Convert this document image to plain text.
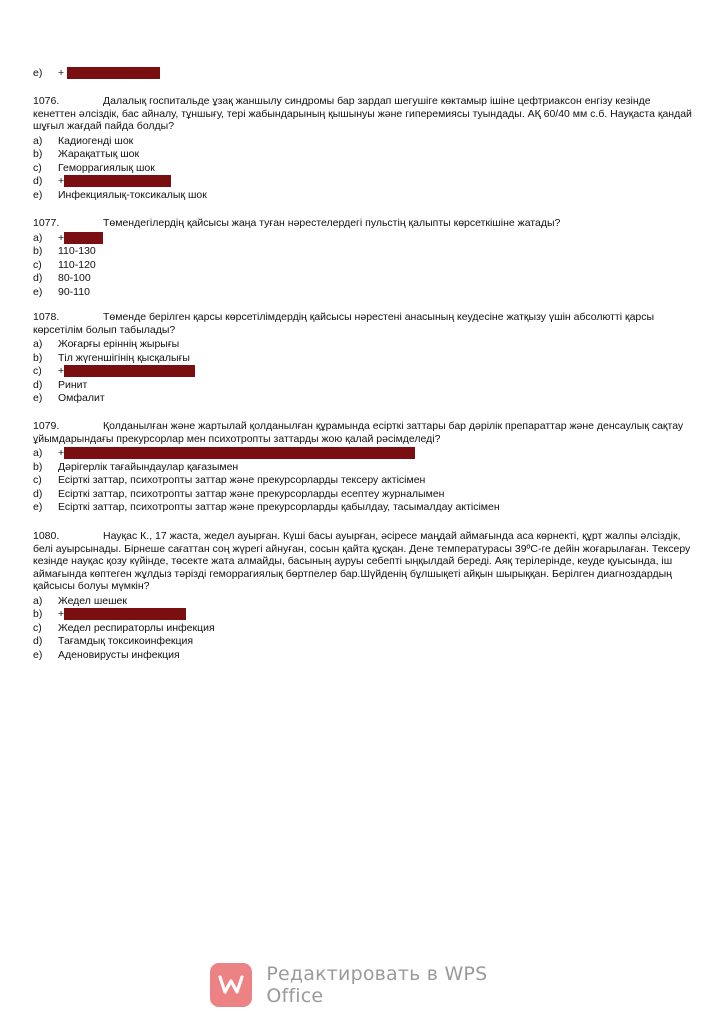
e)	+ Аспирациялық шок
1076.	Далалық госпитальде ұзақ жаншылу синдромы бар зардап шегушіге көктамыр ішіне цефтриаксон енгізу кезінде кенеттен әлсіздік, бас айналу, тұншығу, тері жабындарының қышынуы және гиперемиясы туындады. АҚ 60/40 мм с.б. Науқаста қандай шұғыл жағдай пайда болды?
a)	Кадиогенді шок
b)	Жарақаттық шок
c)	Геморрагиялық шок
d)	+Анафилаксиялық шок
e)	Инфекциялық-токсикалық шок
1077.	Төмендегілердің қайсысы жаңа туған нәрестелердегі пульстің қалыпты көрсеткішіне жатады?
a)	+140-160
b)	110-130
c)	110-120
d)	80-100
e)	90-110
1078.	Төменде берілген қарсы көрсетілімдердің қайсысы нәрестені анасының кеудесіне жатқызу үшін абсолютті қарсы көрсетілім болып табылады?
a)	Жоғарғы еріннің жырығы
b)	Тіл жүгеншігінің қысқалығы
c)	+Бас сүйекішілік қан құйылу
d)	Ринит
e)	Омфалит
1079.	Қолданылған және жартылай қолданылған құрамында есірткі заттары бар дәрілік препараттар және денсаулық сақтау ұйымдарындағы прекурсорлар мен психотропты заттарды жою қалай рәсімделеді?
a)	+Есірткі заттар, психотропты заттар және прекурсорларды жою актісімен
b)	Дәрігерлік тағайындаулар қағазымен
c)	Есірткі заттар, психотропты заттар және прекурсорларды тексеру актісімен
d)	Есірткі заттар, психотропты заттар және прекурсорларды есептеу журналымен
e)	Есірткі заттар, психотропты заттар және прекурсорларды қабылдау, тасымалдау актісімен
1080.	Науқас К., 17 жаста, жедел ауырған. Күші басы ауырған, әсіресе маңдай аймағында аса көрнекті, құрт жалпы әлсіздік, белі ауырсынады. Бірнеше сағаттан соң жүрегі айнуған, сосын қайта құсқан. Дене температурасы 39ºС-ге дейін жоғарылаған. Тексеру кезінде науқас қозу күйінде, төсекте жата алмайды, басының ауруы себепті ыңқылдай береді. Аяқ терілерінде, кеуде қуысында, іш аймағында көптеген жұлдыз тәрізді геморрагиялық бөртпелер бар.Шүйденің бұлшықеті айқын шырыққан. Берілген диагноздардың қайсысы болуы мүмкін?
a)	Жедел шешек
b)	+Менингококкты менингит
c)	Жедел респираторлы инфекция
d)	Тағамдық токсикоинфекция
e)	Аденовирусты инфекция
Редактировать в WPS Office
